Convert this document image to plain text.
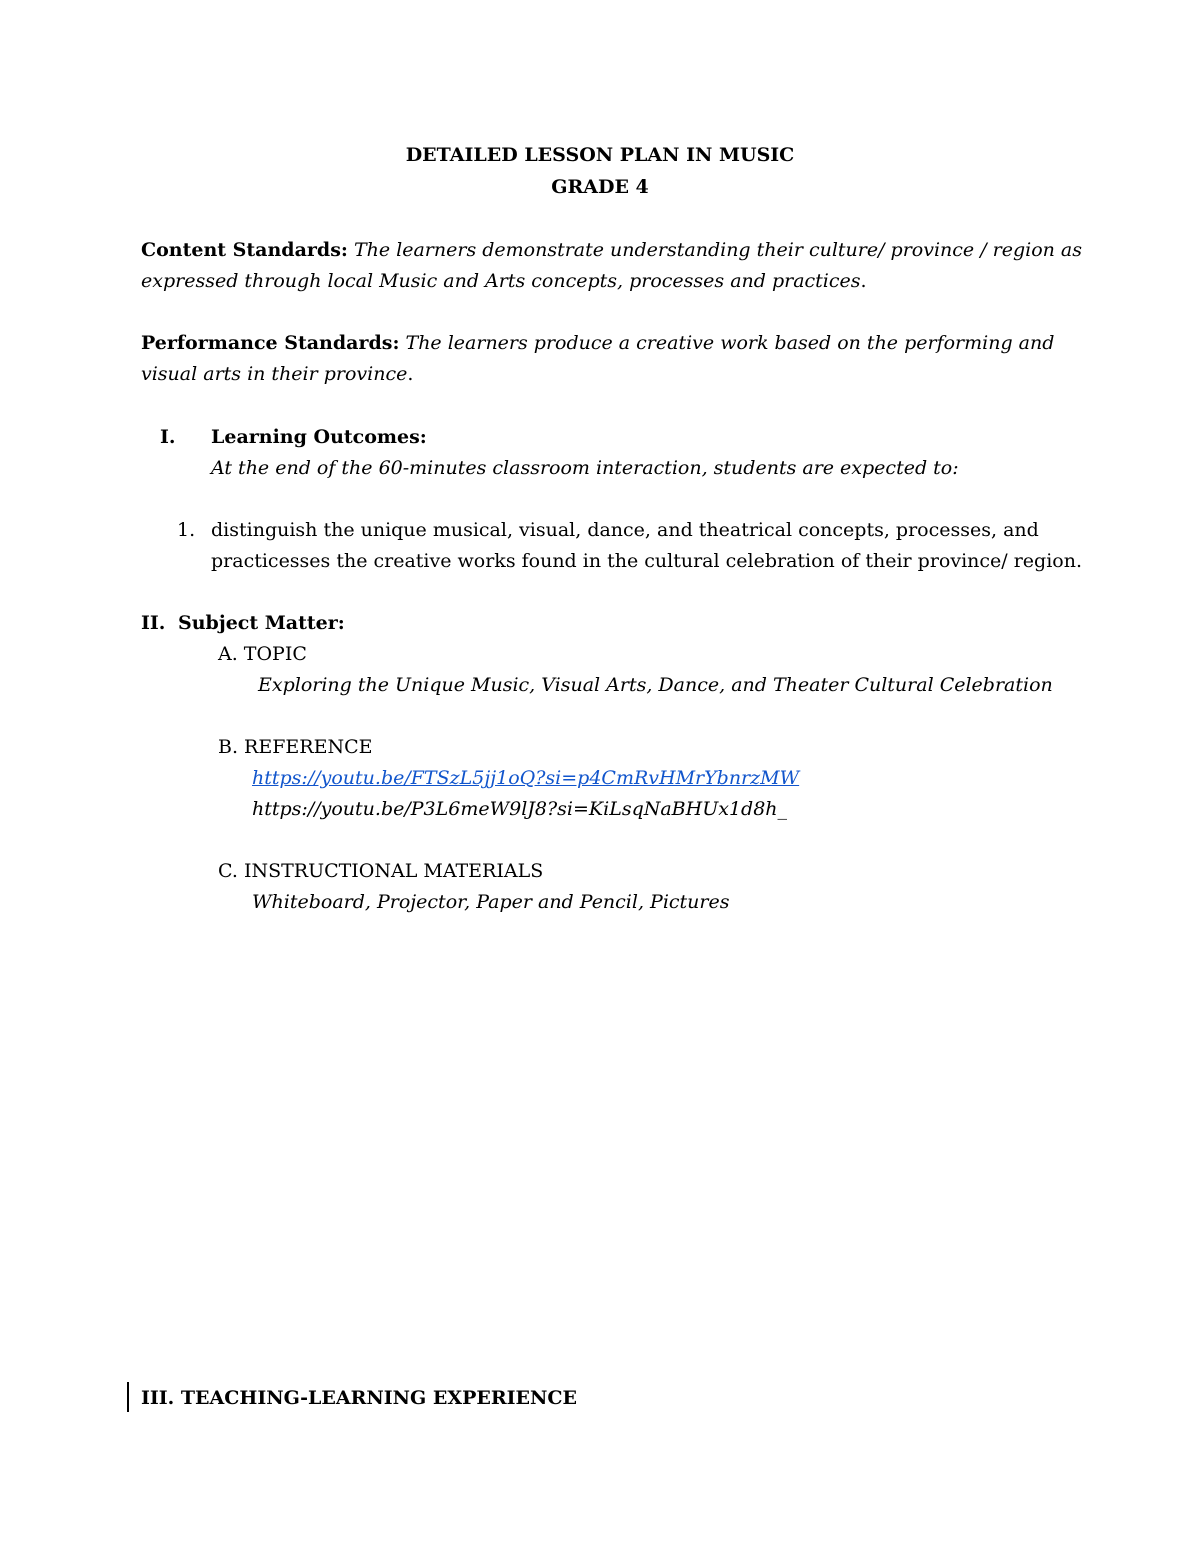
DETAILED LESSON PLAN IN MUSIC
GRADE 4
Content Standards: The learners demonstrate understanding their culture/ province / region as
expressed through local Music and Arts concepts, processes and practices.
Performance Standards: The learners produce a creative work based on the performing and
visual arts in their province.
I. Learning Outcomes:
At the end of the 60-minutes classroom interaction, students are expected to:
1. distinguish the unique musical, visual, dance, and theatrical concepts, processes, and
practicesses the creative works found in the cultural celebration of their province/ region.
II. Subject Matter:
A. TOPIC
Exploring the Unique Music, Visual Arts, Dance, and Theater Cultural Celebration
B. REFERENCE
https://youtu.be/FTSzL5jj1oQ?si=p4CmRvHMrYbnrzMW
https://youtu.be/P3L6meW9lJ8?si=KiLsqNaBHUx1d8h_
C. INSTRUCTIONAL MATERIALS
Whiteboard, Projector, Paper and Pencil, Pictures
III. TEACHING-LEARNING EXPERIENCE
